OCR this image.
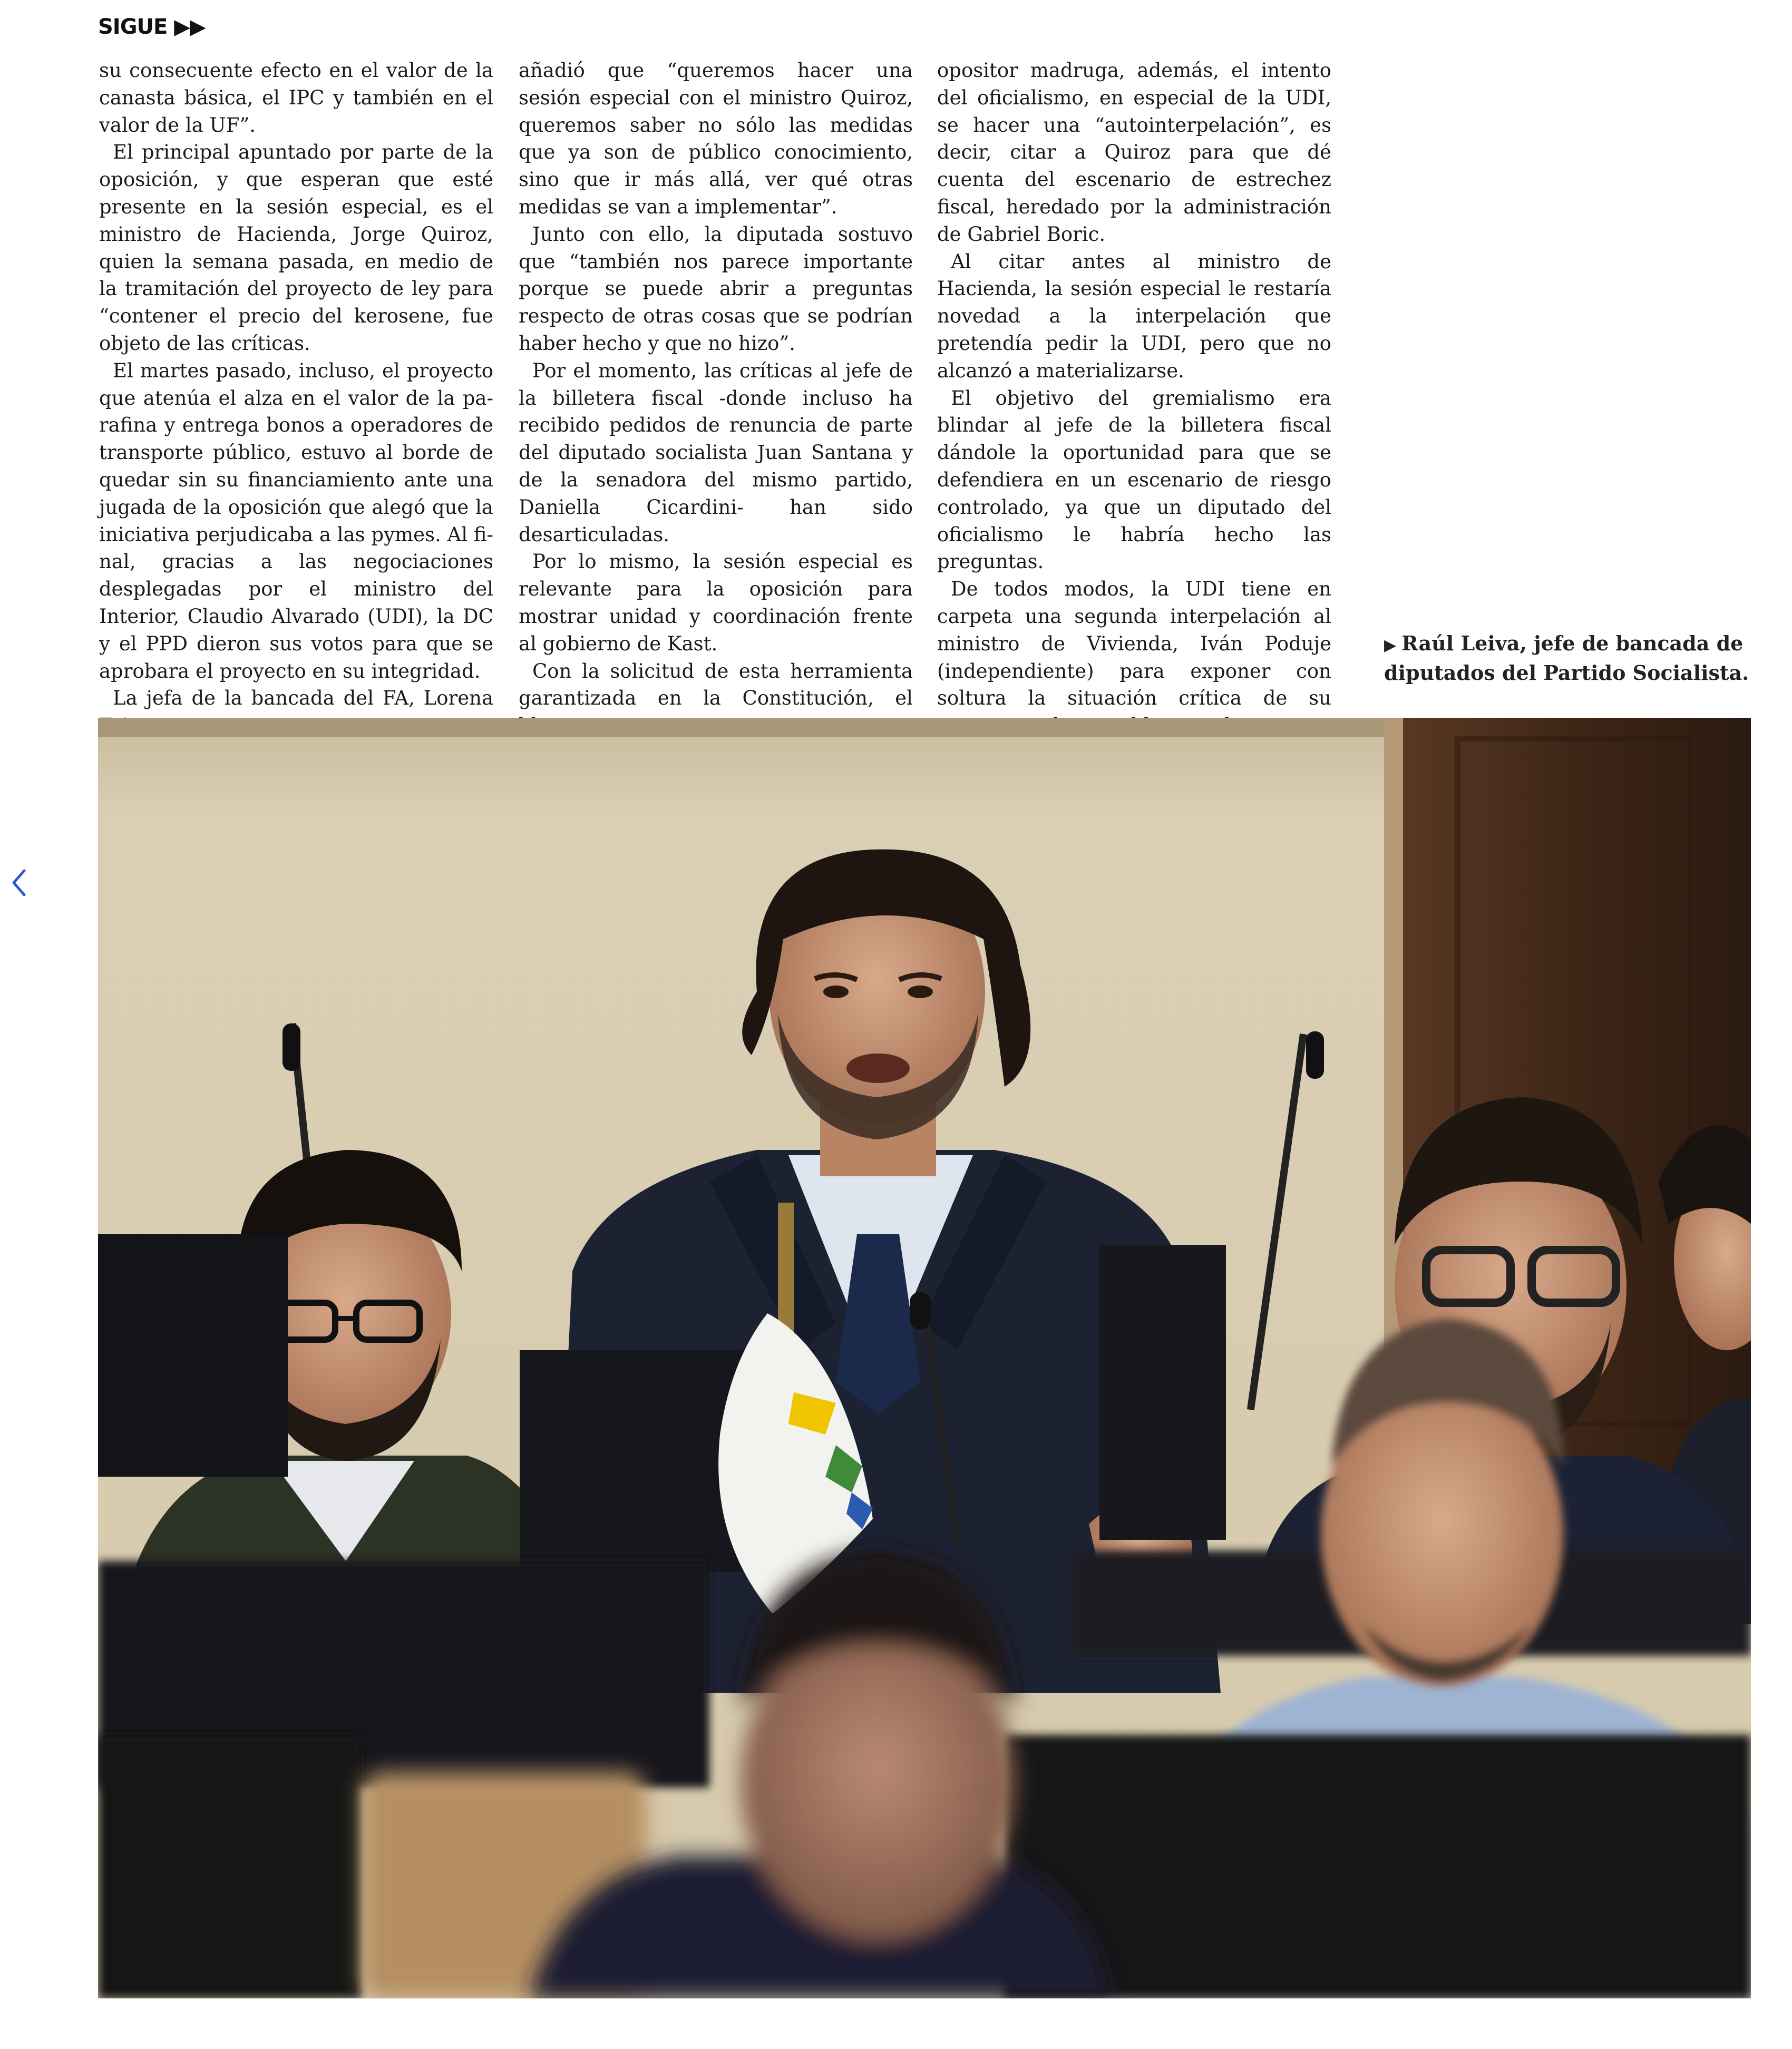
SIGUE ▶▶

su consecuente efecto en el valor de la canasta básica, el IPC y también en el valor de la UF”.

El principal apuntado por parte de la oposición, y que esperan que esté presente en la sesión especial, es el ministro de Hacienda, Jorge Quiroz, quien la semana pasada, en medio de la tramitación del proyecto de ley para “contener el precio del kerosene, fue objeto de las críticas.

El martes pasado, incluso, el proyecto que atenúa el alza en el valor de la parafina y entrega bonos a operadores de transporte público, estuvo al borde de quedar sin su financiamiento ante una jugada de la oposición que alegó que la iniciativa perjudicaba a las pymes. Al final, gracias a las negociaciones desplegadas por el ministro del Interior, Claudio Alvarado (UDI), la DC y el PPD dieron sus votos para que se aprobara el proyecto en su integridad.

La jefa de la bancada del FA, Lorena

añadió que “queremos hacer una sesión especial con el ministro Quiroz, queremos saber no sólo las medidas que ya son de público conocimiento, sino que ir más allá, ver qué otras medidas se van a implementar”.

Junto con ello, la diputada sostuvo que “también nos parece importante porque se puede abrir a preguntas respecto de otras cosas que se podrían haber hecho y que no hizo”.

Por el momento, las críticas al jefe de la billetera fiscal -donde incluso ha recibido pedidos de renuncia de parte del diputado socialista Juan Santana y de la senadora del mismo partido, Daniella Cicardini- han sido desarticuladas.

Por lo mismo, la sesión especial es relevante para la oposición para mostrar unidad y coordinación frente al gobierno de Kast.

Con la solicitud de esta herramienta garantizada en la Constitución, el

opositor madruga, además, el intento del oficialismo, en especial de la UDI, se hacer una “autointerpelación”, es decir, citar a Quiroz para que dé cuenta del escenario de estrechez fiscal, heredado por la administración de Gabriel Boric.

Al citar antes al ministro de Hacienda, la sesión especial le restaría novedad a la interpelación que pretendía pedir la UDI, pero que no alcanzó a materializarse.

El objetivo del gremialismo era blindar al jefe de la billetera fiscal dándole la oportunidad para que se defendiera en un escenario de riesgo controlado, ya que un diputado del oficialismo le habría hecho las preguntas.

De todos modos, la UDI tiene en carpeta una segunda interpelación al ministro de Vivienda, Iván Poduje (independiente) para exponer con soltura la situación crítica de su

▶ Raúl Leiva, jefe de bancada de diputados del Partido Socialista.
